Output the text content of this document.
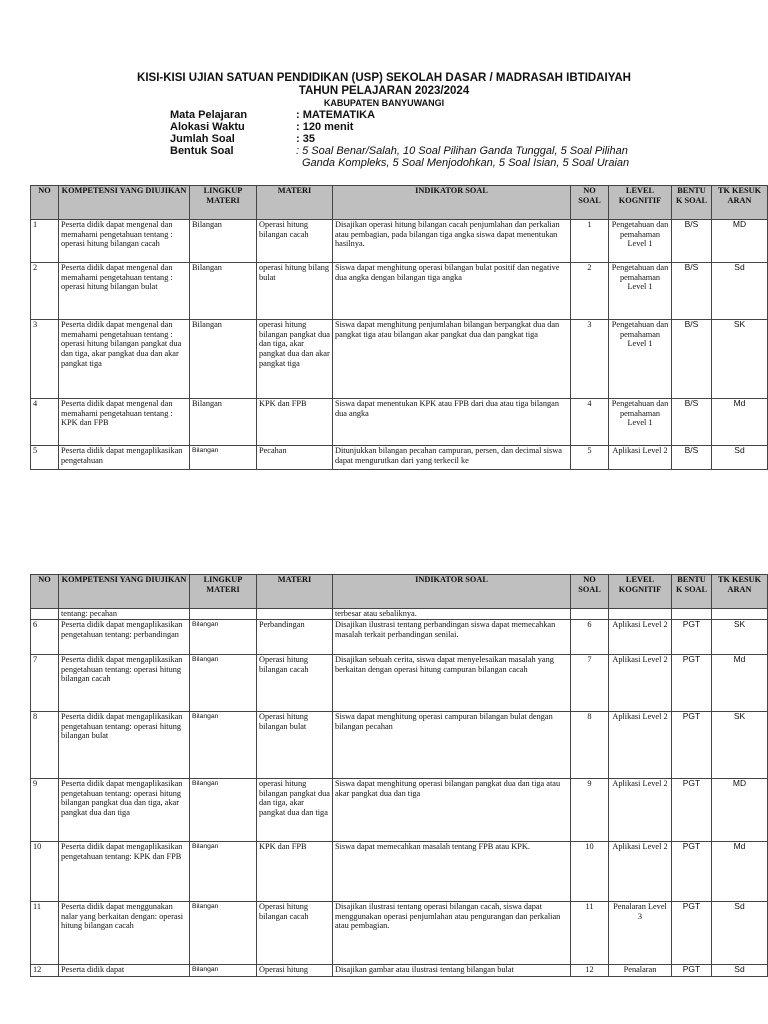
KISI-KISI UJIAN SATUAN PENDIDIKAN (USP) SEKOLAH DASAR / MADRASAH IBTIDAIYAH
TAHUN PELAJARAN 2023/2024
KABUPATEN BANYUWANGI
Mata Pelajaran	: MATEMATIKA
Alokasi Waktu	: 120 menit
Jumlah Soal	: 35
Bentuk Soal	: 5 Soal Benar/Salah, 10 Soal Pilihan Ganda Tunggal, 5 Soal Pilihan
Ganda Kompleks, 5 Soal Menjodohkan, 5 Soal Isian, 5 Soal Uraian
NO	KOMPETENSI YANG DIUJIKAN	LINGKUP MATERI	MATERI	INDIKATOR SOAL	NO SOAL	LEVEL KOGNITIF	BENTU K SOAL	TK KESUK ARAN
1	Peserta didik dapat mengenal dan memahami pengetahuan tentang : operasi hitung bilangan cacah	Bilangan	Operasi hitung bilangan cacah	Disajikan operasi hitung bilangan cacah penjumlahan dan perkalian atau pembagian, pada bilangan tiga angka siswa dapat menentukan hasilnya.	1	Pengetahuan dan pemahaman Level 1	B/S	MD
2	Peserta didik dapat mengenal dan memahami pengetahuan tentang : operasi hitung bilangan bulat	Bilangan	operasi hitung bilang bulat	Siswa dapat menghitung operasi bilangan bulat positif dan negative dua angka dengan bilangan tiga angka	2	Pengetahuan dan pemahaman Level 1	B/S	Sd
3	Peserta didik dapat mengenal dan memahami pengetahuan tentang : operasi hitung bilangan pangkat dua dan tiga, akar pangkat dua dan akar pangkat tiga	Bilangan	operasi hitung bilangan pangkat dua dan tiga, akar pangkat dua dan akar pangkat tiga	Siswa dapat menghitung penjumlahan bilangan berpangkat dua dan pangkat tiga atau bilangan akar pangkat dua dan pangkat tiga	3	Pengetahuan dan pemahaman Level 1	B/S	SK
4	Peserta didik dapat mengenal dan memahami pengetahuan tentang : KPK dan FPB	Bilangan	KPK dan FPB	Siswa dapat menentukan KPK atau FPB dari dua atau tiga bilangan dua angka	4	Pengetahuan dan pemahaman Level 1	B/S	Md
5	Peserta didik dapat mengaplikasikan pengetahuan	Bilangan	Pecahan	Ditunjukkan bilangan pecahan campuran, persen, dan decimal siswa dapat mengurutkan dari yang terkecil ke	5	Aplikasi Level 2	B/S	Sd
NO	KOMPETENSI YANG DIUJIKAN	LINGKUP MATERI	MATERI	INDIKATOR SOAL	NO SOAL	LEVEL KOGNITIF	BENTU K SOAL	TK KESUK ARAN
	tentang: pecahan			terbesar atau sebaliknya.				
6	Peserta didik dapat mengaplikasikan pengetahuan tentang: perbandingan	Bilangan	Perbandingan	Disajikan ilustrasi tentang perbandingan siswa dapat memecahkan masalah terkait perbandingan senilai.	6	Aplikasi Level 2	PGT	SK
7	Peserta didik dapat mengaplikasikan pengetahuan tentang: operasi hitung bilangan cacah	Bilangan	Operasi hitung bilangan cacah	Disajikan sebuah cerita, siswa dapat menyelesaikan masalah yang berkaitan dengan operasi hitung campuran bilangan cacah	7	Aplikasi Level 2	PGT	Md
8	Peserta didik dapat mengaplikasikan pengetahuan tentang: operasi hitung bilangan bulat	Bilangan	Operasi hitung bilangan bulat	Siswa dapat menghitung operasi campuran bilangan bulat dengan bilangan pecahan	8	Aplikasi Level 2	PGT	SK
9	Peserta didik dapat mengaplikasikan pengetahuan tentang: operasi hitung bilangan pangkat dua dan tiga, akar pangkat dua dan tiga	Bilangan	operasi hitung bilangan pangkat dua dan tiga, akar pangkat dua dan tiga	Siswa dapat menghitung operasi bilangan pangkat dua dan tiga atau akar pangkat dua dan tiga	9	Aplikasi Level 2	PGT	MD
10	Peserta didik dapat mengaplikasikan pengetahuan tentang: KPK dan FPB	Bilangan	KPK dan FPB	Siswa dapat memecahkan masalah tentang FPB atau KPK.	10	Aplikasi Level 2	PGT	Md
11	Peserta didik dapat menggunakan nalar yang berkaitan dengan: operasi hitung bilangan cacah	Bilangan	Operasi hitung bilangan cacah	Disajikan ilustrasi tentang operasi bilangan cacah, siswa dapat menggunakan operasi penjumlahan atau pengurangan dan perkalian atau pembagian.	11	Penalaran Level 3	PGT	Sd
12	Peserta didik dapat	Bilangan	Operasi hitung	Disajikan gambar atau ilustrasi tentang bilangan bulat	12	Penalaran	PGT	Sd
